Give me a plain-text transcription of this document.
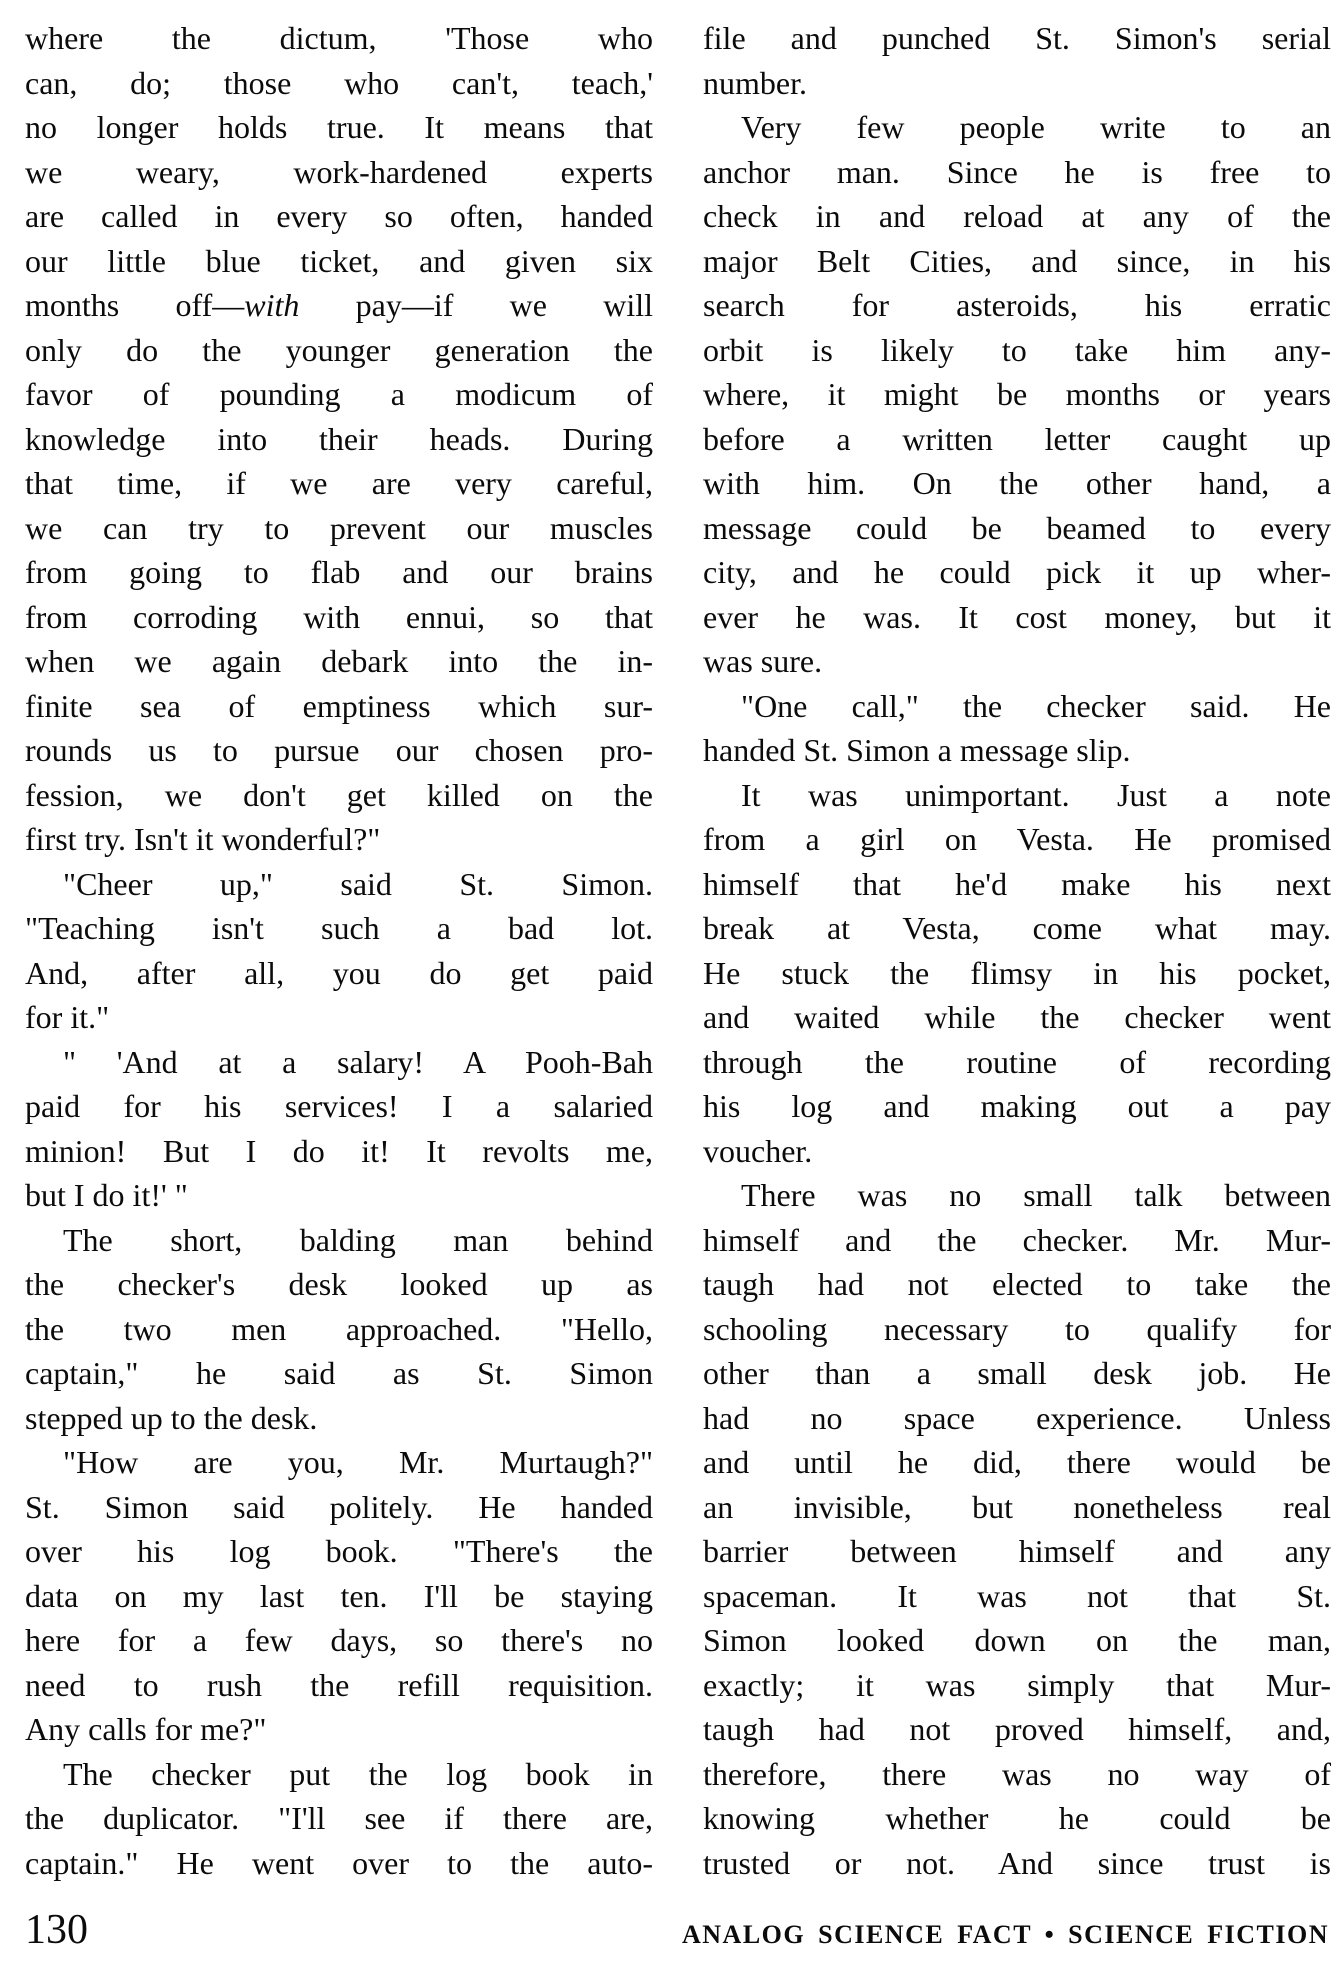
where the dictum, 'Those who
can, do; those who can't, teach,'
no longer holds true. It means that
we weary, work-hardened experts
are called in every so often, handed
our little blue ticket, and given six
months off—with pay—if we will
only do the younger generation the
favor of pounding a modicum of
knowledge into their heads. During
that time, if we are very careful,
we can try to prevent our muscles
from going to flab and our brains
from corroding with ennui, so that
when we again debark into the in-
finite sea of emptiness which sur-
rounds us to pursue our chosen pro-
fession, we don't get killed on the
first try. Isn't it wonderful?"
"Cheer up," said St. Simon.
"Teaching isn't such a bad lot.
And, after all, you do get paid
for it."
" 'And at a salary! A Pooh-Bah
paid for his services! I a salaried
minion! But I do it! It revolts me,
but I do it!' "
The short, balding man behind
the checker's desk looked up as
the two men approached. "Hello,
captain," he said as St. Simon
stepped up to the desk.
"How are you, Mr. Murtaugh?"
St. Simon said politely. He handed
over his log book. "There's the
data on my last ten. I'll be staying
here for a few days, so there's no
need to rush the refill requisition.
Any calls for me?"
The checker put the log book in
the duplicator. "I'll see if there are,
captain." He went over to the auto-
file and punched St. Simon's serial
number.
Very few people write to an
anchor man. Since he is free to
check in and reload at any of the
major Belt Cities, and since, in his
search for asteroids, his erratic
orbit is likely to take him any-
where, it might be months or years
before a written letter caught up
with him. On the other hand, a
message could be beamed to every
city, and he could pick it up wher-
ever he was. It cost money, but it
was sure.
"One call," the checker said. He
handed St. Simon a message slip.
It was unimportant. Just a note
from a girl on Vesta. He promised
himself that he'd make his next
break at Vesta, come what may.
He stuck the flimsy in his pocket,
and waited while the checker went
through the routine of recording
his log and making out a pay
voucher.
There was no small talk between
himself and the checker. Mr. Mur-
taugh had not elected to take the
schooling necessary to qualify for
other than a small desk job. He
had no space experience. Unless
and until he did, there would be
an invisible, but nonetheless real
barrier between himself and any
spaceman. It was not that St.
Simon looked down on the man,
exactly; it was simply that Mur-
taugh had not proved himself, and,
therefore, there was no way of
knowing whether he could be
trusted or not. And since trust is
130	ANALOG SCIENCE FACT • SCIENCE FICTION
